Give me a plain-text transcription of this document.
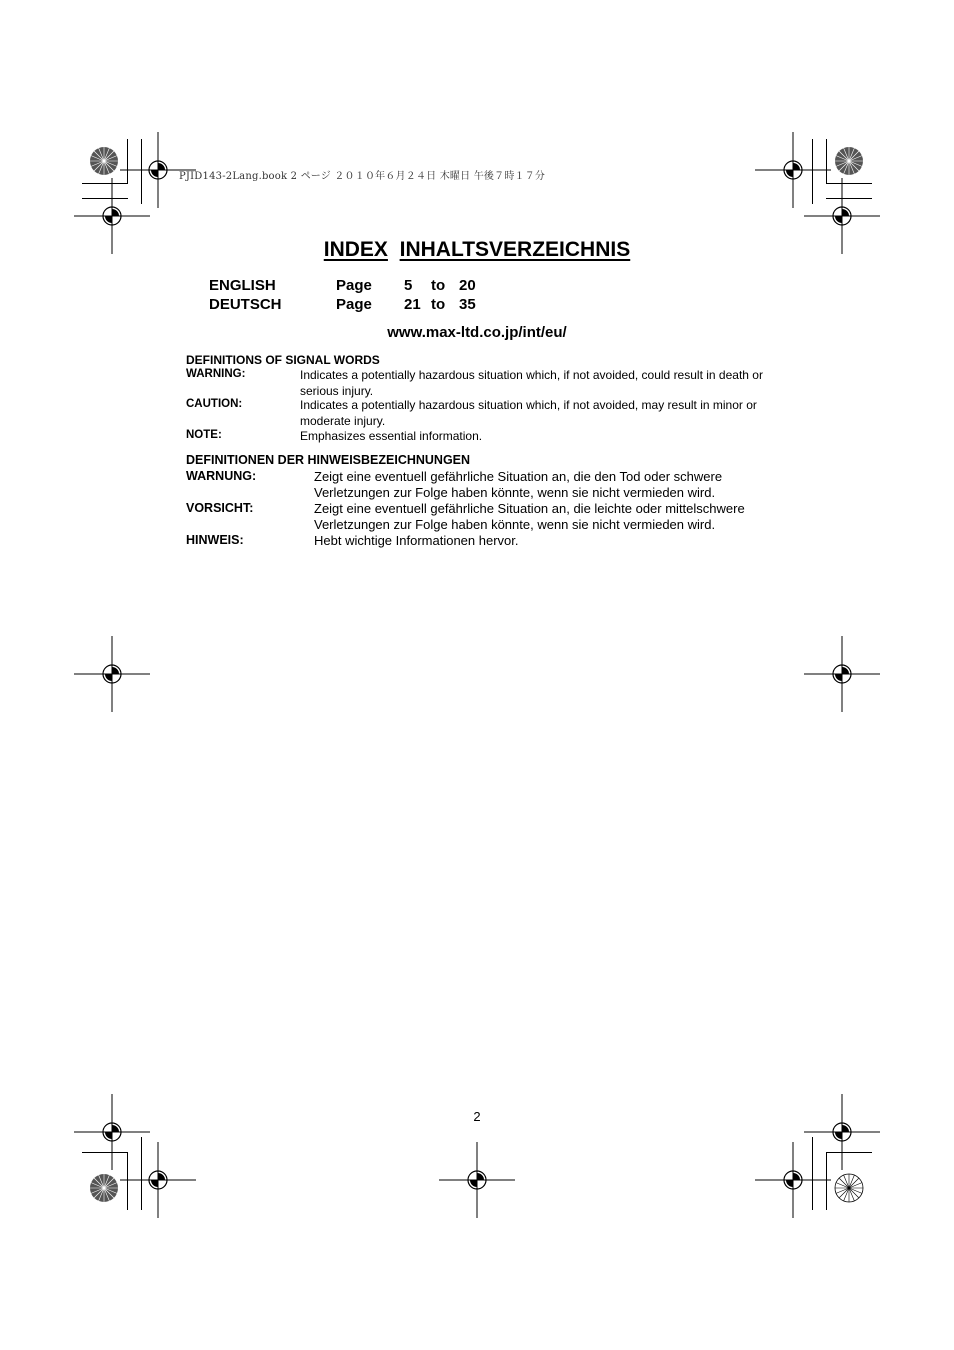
PJID143-2Lang.book 2 ページ ２０１０年６月２４日 木曜日 午後７時１７分
INDEX INHALTSVERZEICHNIS
ENGLISH	Page 5 to 20
DEUTSCH	Page 21 to 35
www.max-ltd.co.jp/int/eu/
DEFINITIONS OF SIGNAL WORDS
WARNING:	Indicates a potentially hazardous situation which, if not avoided, could result in death or
serious injury.
CAUTION:	Indicates a potentially hazardous situation which, if not avoided, may result in minor or
moderate injury.
NOTE:	Emphasizes essential information.
DEFINITIONEN DER HINWEISBEZEICHNUNGEN
WARNUNG:	Zeigt eine eventuell gefährliche Situation an, die den Tod oder schwere
Verletzungen zur Folge haben könnte, wenn sie nicht vermieden wird.
VORSICHT:	Zeigt eine eventuell gefährliche Situation an, die leichte oder mittelschwere
Verletzungen zur Folge haben könnte, wenn sie nicht vermieden wird.
HINWEIS:	Hebt wichtige Informationen hervor.
2
